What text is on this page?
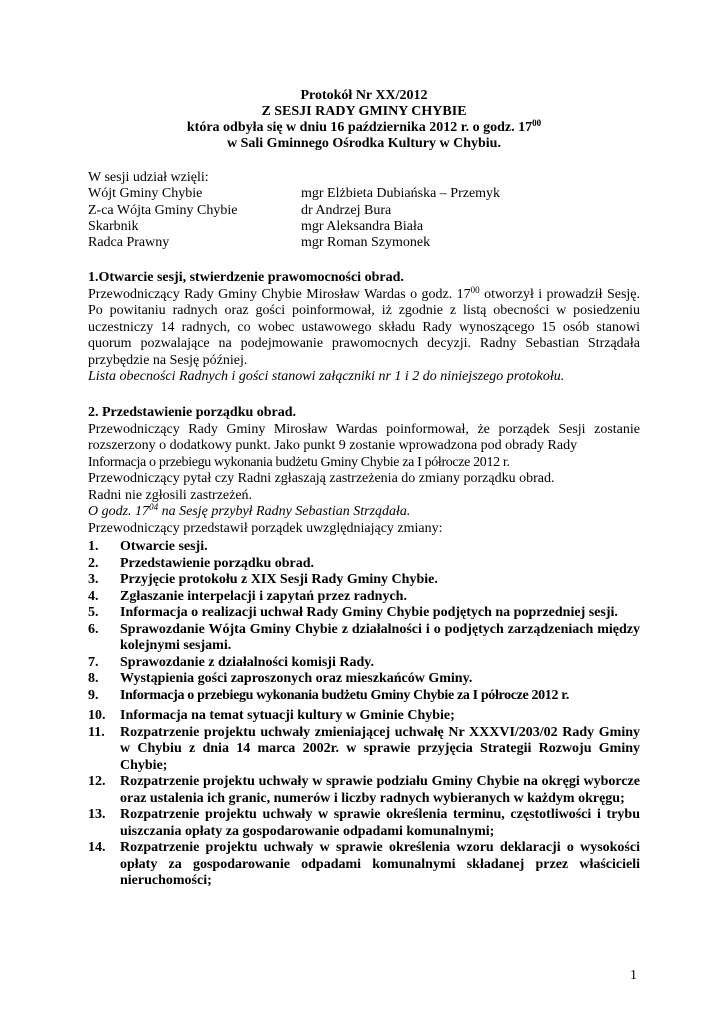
Protokół Nr XX/2012
Z SESJI RADY GMINY CHYBIE
która odbyła się w dniu 16 października 2012 r. o godz. $17^{00}$
w Sali Gminnego Ośrodka Kultury w Chybiu.
W sesji udział wzięli:
Wójt Gminy Chybie	mgr Elżbieta Dubiańska – Przemyk
Z-ca Wójta Gminy Chybie	dr Andrzej Bura
Skarbnik	mgr Aleksandra Biała
Radca Prawny	mgr Roman Szymonek
1.Otwarcie sesji, stwierdzenie prawomocności obrad.
Przewodniczący Rady Gminy Chybie Mirosław Wardas o godz. $17^{00}$ otworzył i prowadził Sesję. Po powitaniu radnych oraz gości poinformował, iż zgodnie z listą obecności w posiedzeniu uczestniczy 14 radnych, co wobec ustawowego składu Rady wynoszącego 15 osób stanowi quorum pozwalające na podejmowanie prawomocnych decyzji. Radny Sebastian Strządała przybędzie na Sesję później.
Lista obecności Radnych i gości stanowi załączniki nr 1 i 2 do niniejszego protokołu.
2. Przedstawienie porządku obrad.
Przewodniczący Rady Gminy Mirosław Wardas poinformował, że porządek Sesji zostanie rozszerzony o dodatkowy punkt. Jako punkt 9 zostanie wprowadzona pod obrady Rady
Informacja o przebiegu wykonania budżetu Gminy Chybie za I półrocze 2012 r.
Przewodniczący pytał czy Radni zgłaszają zastrzeżenia do zmiany porządku obrad.
Radni nie zgłosili zastrzeżeń.
O godz. $17^{04}$ na Sesję przybył Radny Sebastian Strządała.
Przewodniczący przedstawił porządek uwzględniający zmiany:
1.	Otwarcie sesji.
2.	Przedstawienie porządku obrad.
3.	Przyjęcie protokołu z XIX Sesji Rady Gminy Chybie.
4.	Zgłaszanie interpelacji i zapytań przez radnych.
5.	Informacja o realizacji uchwał Rady Gminy Chybie podjętych na poprzedniej sesji.
6.	Sprawozdanie Wójta Gminy Chybie z działalności i o podjętych zarządzeniach między kolejnymi sesjami.
7.	Sprawozdanie z działalności komisji Rady.
8.	Wystąpienia gości zaproszonych oraz mieszkańców Gminy.
9.	Informacja o przebiegu wykonania budżetu Gminy Chybie za I półrocze 2012 r.
10.	Informacja na temat sytuacji kultury w Gminie Chybie;
11.	Rozpatrzenie projektu uchwały zmieniającej uchwałę Nr XXXVI/203/02 Rady Gminy w Chybiu z dnia 14 marca 2002r. w sprawie przyjęcia Strategii Rozwoju Gminy Chybie;
12.	Rozpatrzenie projektu uchwały w sprawie podziału Gminy Chybie na okręgi wyborcze oraz ustalenia ich granic, numerów i liczby radnych wybieranych w każdym okręgu;
13.	Rozpatrzenie projektu uchwały w sprawie określenia terminu, częstotliwości i trybu uiszczania opłaty za gospodarowanie odpadami komunalnymi;
14.	Rozpatrzenie projektu uchwały w sprawie określenia wzoru deklaracji o wysokości opłaty za gospodarowanie odpadami komunalnymi składanej przez właścicieli nieruchomości;
1
